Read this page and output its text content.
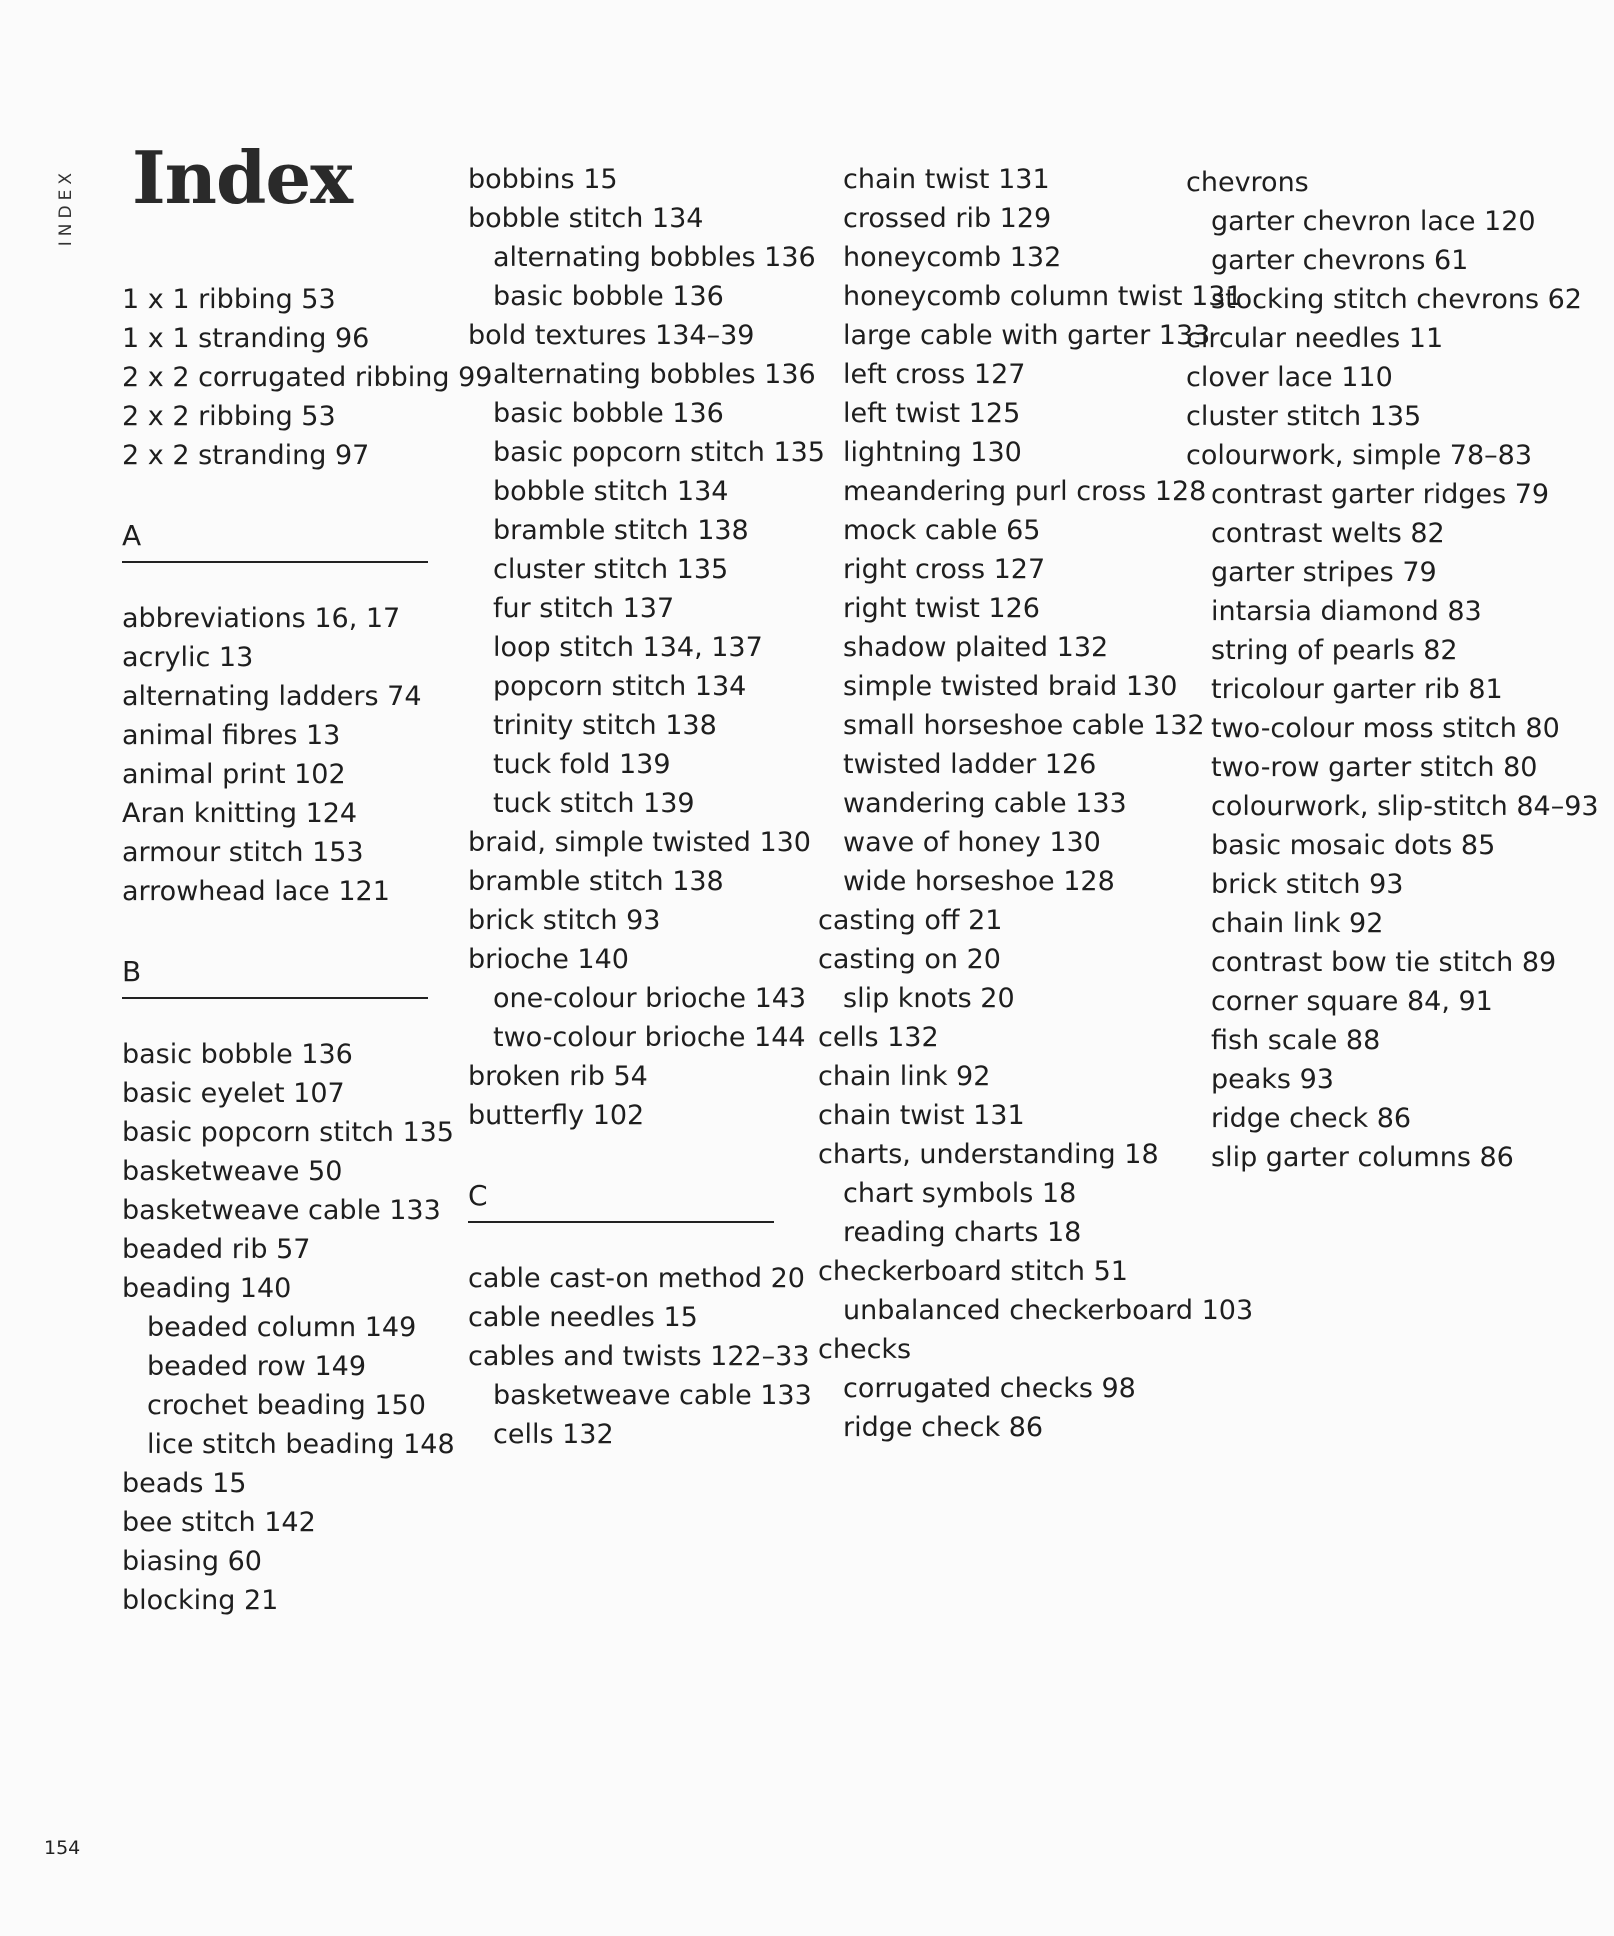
INDEX Index
154
1 x 1 ribbing 53
1 x 1 stranding 96
2 x 2 corrugated ribbing 99
2 x 2 ribbing 53
2 x 2 stranding 97
A
abbreviations 16, 17
acrylic 13
alternating ladders 74
animal fibres 13
animal print 102
Aran knitting 124
armour stitch 153
arrowhead lace 121
B
basic bobble 136
basic eyelet 107
basic popcorn stitch 135
basketweave 50
basketweave cable 133
beaded rib 57
beading 140
beaded column 149
beaded row 149
crochet beading 150
lice stitch beading 148
beads 15
bee stitch 142
biasing 60
blocking 21
bobbins 15
bobble stitch 134
alternating bobbles 136
basic bobble 136
bold textures 134–39
alternating bobbles 136
basic bobble 136
basic popcorn stitch 135
bobble stitch 134
bramble stitch 138
cluster stitch 135
fur stitch 137
loop stitch 134, 137
popcorn stitch 134
trinity stitch 138
tuck fold 139
tuck stitch 139
braid, simple twisted 130
bramble stitch 138
brick stitch 93
brioche 140
one-colour brioche 143
two-colour brioche 144
broken rib 54
butterfly 102
C
cable cast-on method 20
cable needles 15
cables and twists 122–33
basketweave cable 133
cells 132
chain twist 131
crossed rib 129
honeycomb 132
honeycomb column twist 131
large cable with garter 133
left cross 127
left twist 125
lightning 130
meandering purl cross 128
mock cable 65
right cross 127
right twist 126
shadow plaited 132
simple twisted braid 130
small horseshoe cable 132
twisted ladder 126
wandering cable 133
wave of honey 130
wide horseshoe 128
casting off 21
casting on 20
slip knots 20
cells 132
chain link 92
chain twist 131
charts, understanding 18
chart symbols 18
reading charts 18
checkerboard stitch 51
unbalanced checkerboard 103
checks
corrugated checks 98
ridge check 86
chevrons
garter chevron lace 120
garter chevrons 61
stocking stitch chevrons 62
circular needles 11
clover lace 110
cluster stitch 135
colourwork, simple 78–83
contrast garter ridges 79
contrast welts 82
garter stripes 79
intarsia diamond 83
string of pearls 82
tricolour garter rib 81
two-colour moss stitch 80
two-row garter stitch 80
colourwork, slip-stitch 84–93
basic mosaic dots 85
brick stitch 93
chain link 92
contrast bow tie stitch 89
corner square 84, 91
fish scale 88
peaks 93
ridge check 86
slip garter columns 86
